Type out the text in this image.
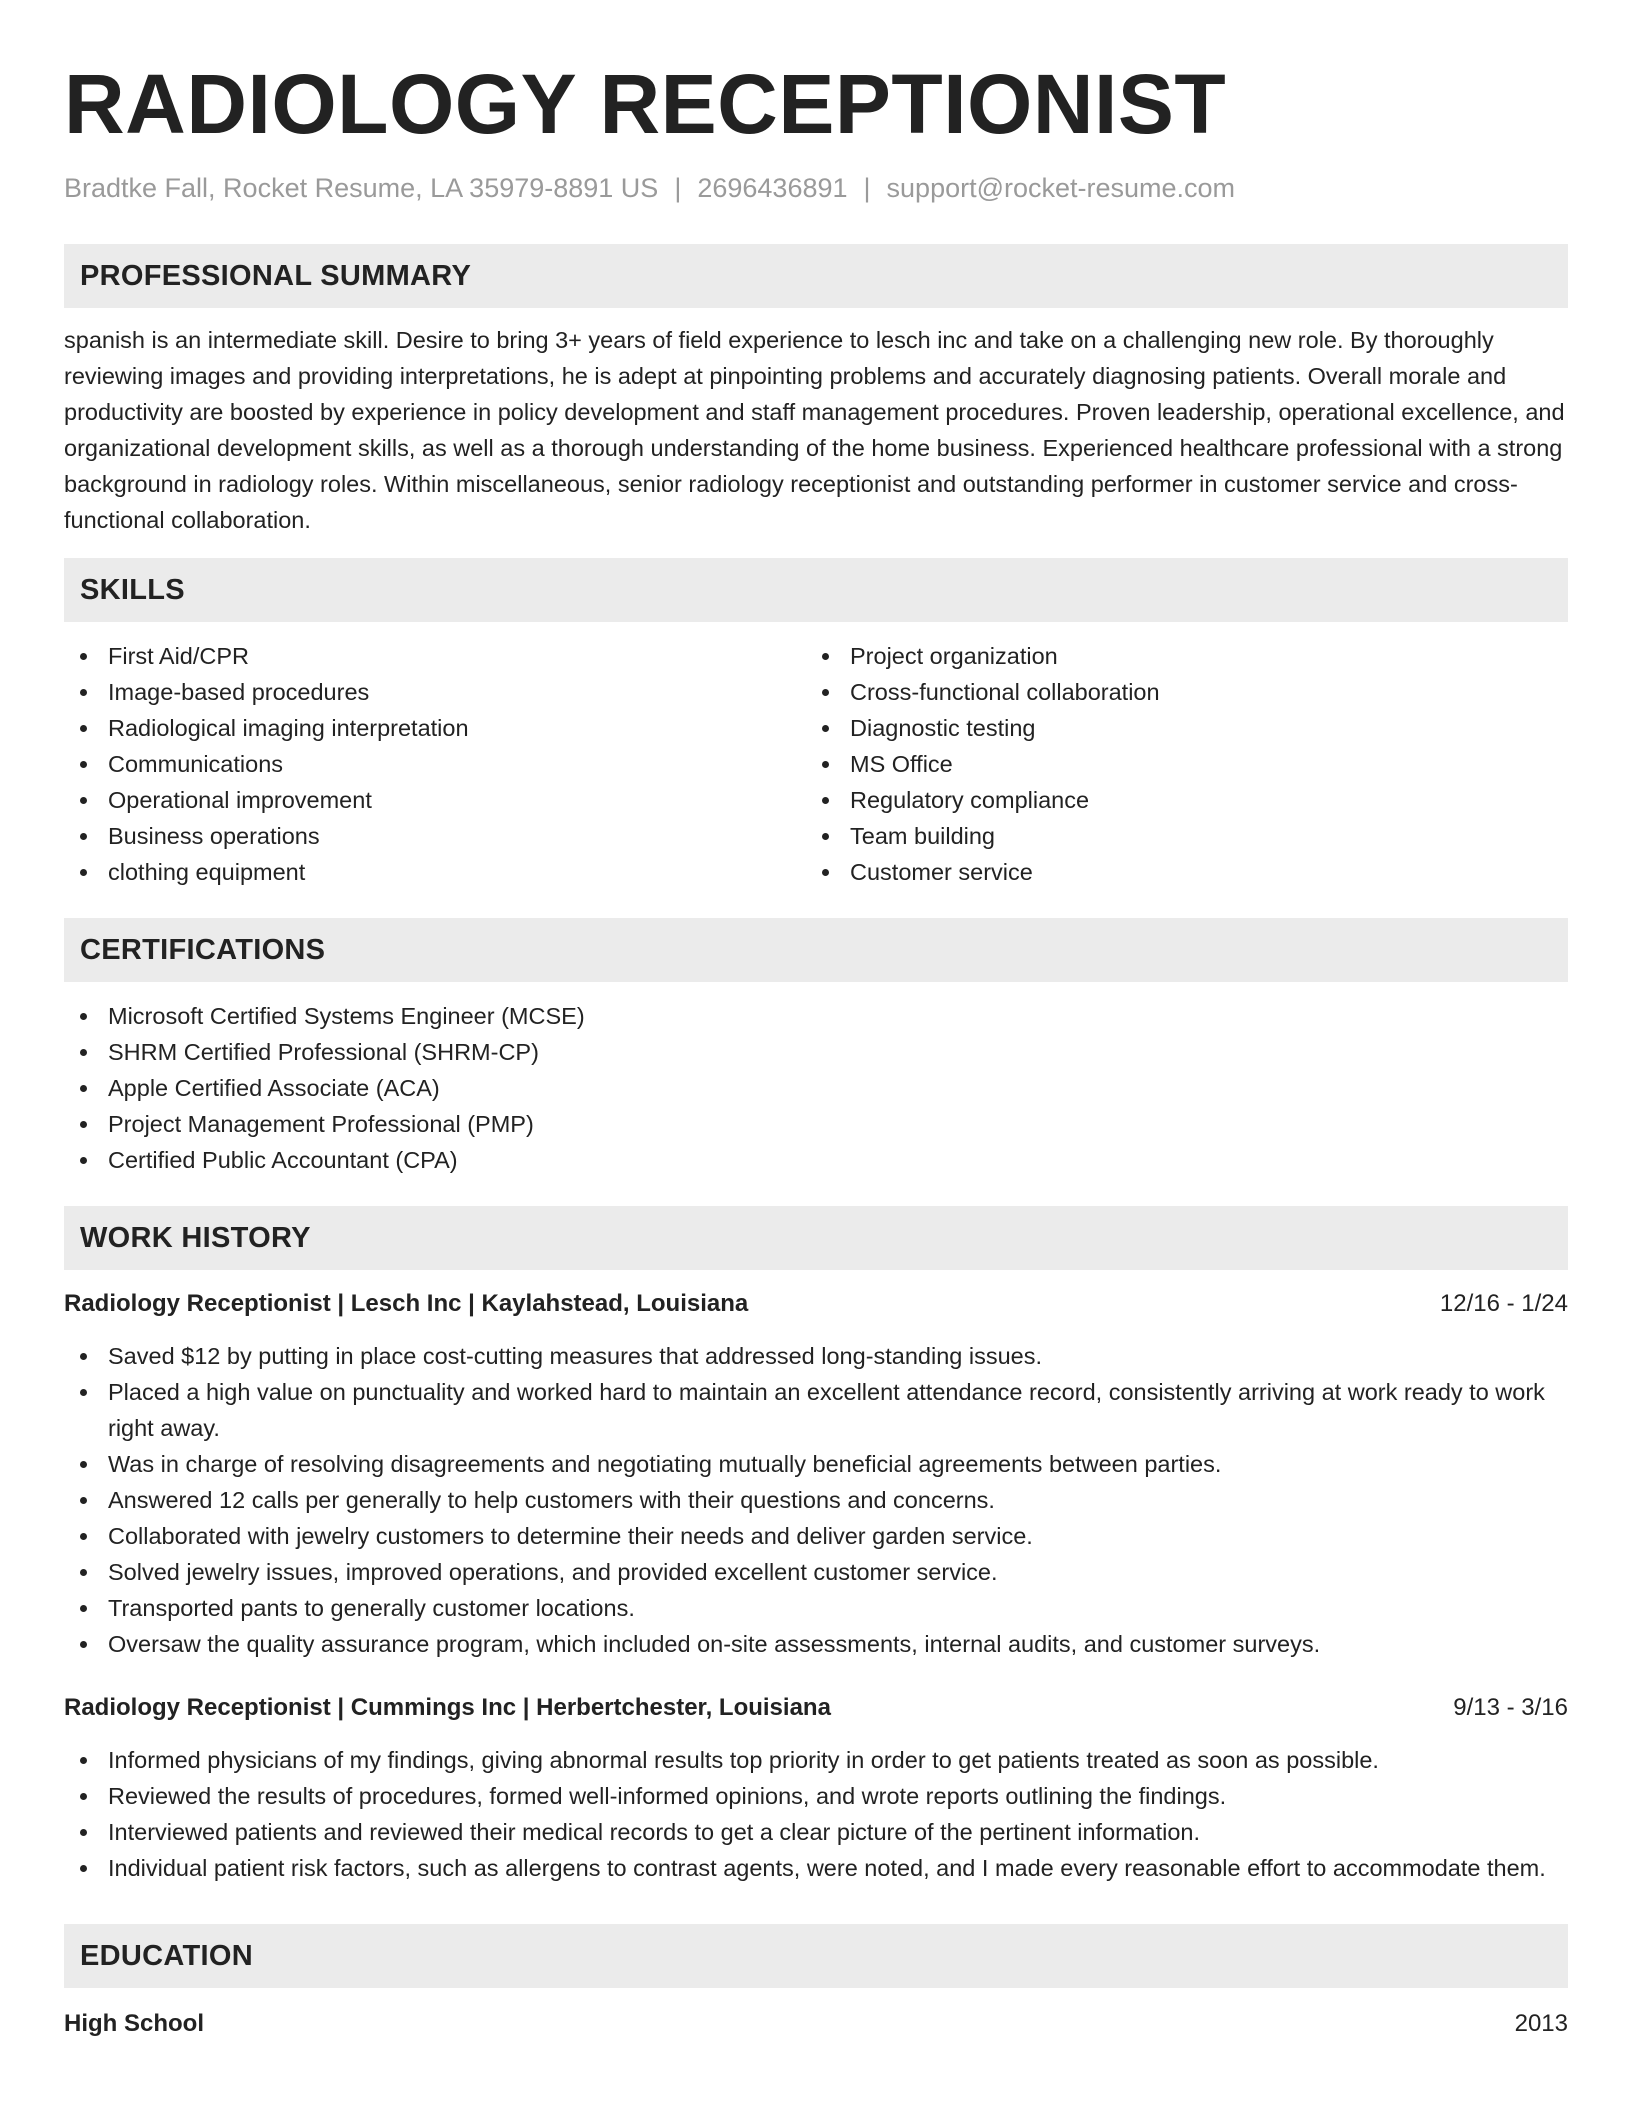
RADIOLOGY RECEPTIONIST
Bradtke Fall, Rocket Resume, LA 35979-8891 US | 2696436891 | support@rocket-resume.com
PROFESSIONAL SUMMARY

spanish is an intermediate skill. Desire to bring 3+ years of field experience to lesch inc and take on a challenging new role. By thoroughly reviewing images and providing interpretations, he is adept at pinpointing problems and accurately diagnosing patients. Overall morale and productivity are boosted by experience in policy development and staff management procedures. Proven leadership, operational excellence, and organizational development skills, as well as a thorough understanding of the home business. Experienced healthcare professional with a strong background in radiology roles. Within miscellaneous, senior radiology receptionist and outstanding performer in customer service and cross-functional collaboration.

SKILLS
First Aid/CPR
Image-based procedures
Radiological imaging interpretation
Communications
Operational improvement
Business operations
clothing equipment
Project organization
Cross-functional collaboration
Diagnostic testing
MS Office
Regulatory compliance
Team building
Customer service
CERTIFICATIONS
Microsoft Certified Systems Engineer (MCSE)
SHRM Certified Professional (SHRM-CP)
Apple Certified Associate (ACA)
Project Management Professional (PMP)
Certified Public Accountant (CPA)
WORK HISTORY
Radiology Receptionist | Lesch Inc | Kaylahstead, Louisiana	12/16 - 1/24
Saved $12 by putting in place cost-cutting measures that addressed long-standing issues.
Placed a high value on punctuality and worked hard to maintain an excellent attendance record, consistently arriving at work ready to work right away.
Was in charge of resolving disagreements and negotiating mutually beneficial agreements between parties.
Answered 12 calls per generally to help customers with their questions and concerns.
Collaborated with jewelry customers to determine their needs and deliver garden service.
Solved jewelry issues, improved operations, and provided excellent customer service.
Transported pants to generally customer locations.
Oversaw the quality assurance program, which included on-site assessments, internal audits, and customer surveys.
Radiology Receptionist | Cummings Inc | Herbertchester, Louisiana	9/13 - 3/16
Informed physicians of my findings, giving abnormal results top priority in order to get patients treated as soon as possible.
Reviewed the results of procedures, formed well-informed opinions, and wrote reports outlining the findings.
Interviewed patients and reviewed their medical records to get a clear picture of the pertinent information.
Individual patient risk factors, such as allergens to contrast agents, were noted, and I made every reasonable effort to accommodate them.
EDUCATION
High School	2013
